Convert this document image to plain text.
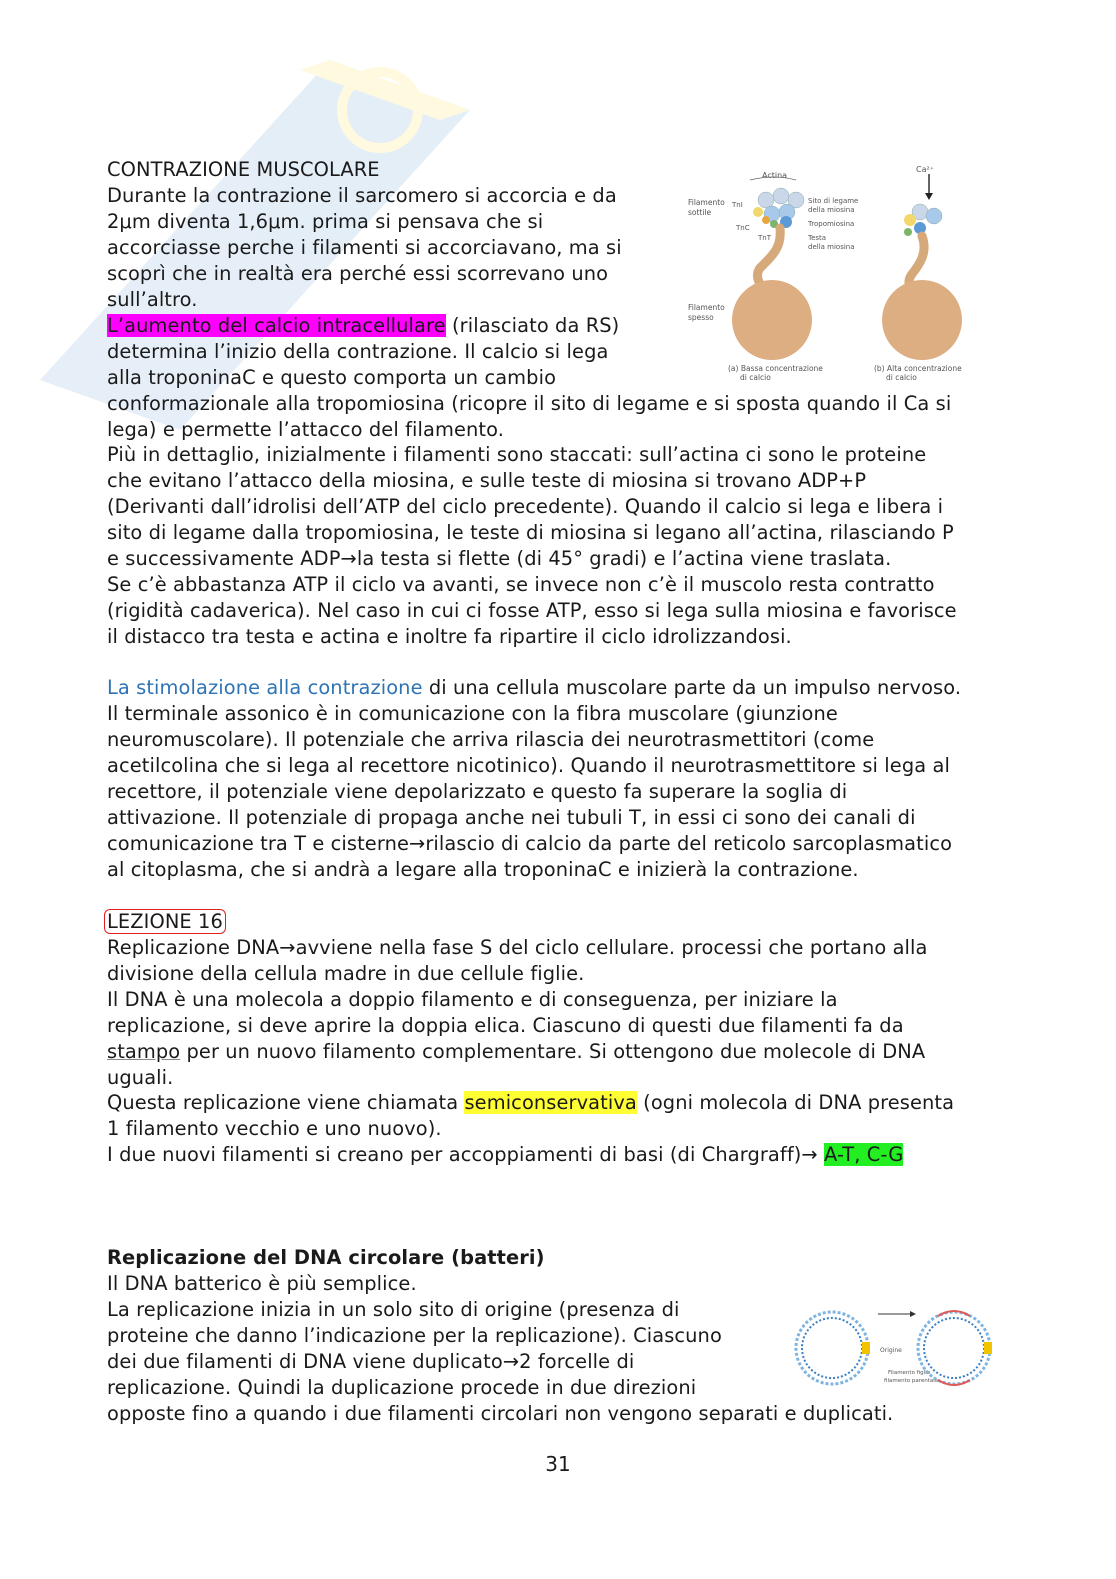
CONTRAZIONE MUSCOLARE
Durante la contrazione il sarcomero si accorcia e da
2μm diventa 1,6μm. prima si pensava che si
accorciasse perche i filamenti si accorciavano, ma si
scoprì che in realtà era perché essi scorrevano uno
sull’altro.
L’aumento del calcio intracellulare (rilasciato da RS)
determina l’inizio della contrazione. Il calcio si lega
alla troponinaC e questo comporta un cambio
conformazionale alla tropomiosina (ricopre il sito di legame e si sposta quando il Ca si
lega) e permette l’attacco del filamento.
Più in dettaglio, inizialmente i filamenti sono staccati: sull’actina ci sono le proteine
che evitano l’attacco della miosina, e sulle teste di miosina si trovano ADP+P
(Derivanti dall’idrolisi dell’ATP del ciclo precedente). Quando il calcio si lega e libera i
sito di legame dalla tropomiosina, le teste di miosina si legano all’actina, rilasciando P
e successivamente ADP→la testa si flette (di 45° gradi) e l’actina viene traslata.
Se c’è abbastanza ATP il ciclo va avanti, se invece non c’è il muscolo resta contratto
(rigidità cadaverica). Nel caso in cui ci fosse ATP, esso si lega sulla miosina e favorisce
il distacco tra testa e actina e inoltre fa ripartire il ciclo idrolizzandosi.
La stimolazione alla contrazione di una cellula muscolare parte da un impulso nervoso.
Il terminale assonico è in comunicazione con la fibra muscolare (giunzione
neuromuscolare). Il potenziale che arriva rilascia dei neurotrasmettitori (come
acetilcolina che si lega al recettore nicotinico). Quando il neurotrasmettitore si lega al
recettore, il potenziale viene depolarizzato e questo fa superare la soglia di
attivazione. Il potenziale di propaga anche nei tubuli T, in essi ci sono dei canali di
comunicazione tra T e cisterne→rilascio di calcio da parte del reticolo sarcoplasmatico
al citoplasma, che si andrà a legare alla troponinaC e inizierà la contrazione.
LEZIONE 16
Replicazione DNA→avviene nella fase S del ciclo cellulare. processi che portano alla
divisione della cellula madre in due cellule figlie.
Il DNA è una molecola a doppio filamento e di conseguenza, per iniziare la
replicazione, si deve aprire la doppia elica. Ciascuno di questi due filamenti fa da
stampo per un nuovo filamento complementare. Si ottengono due molecole di DNA
uguali.
Questa replicazione viene chiamata semiconservativa (ogni molecola di DNA presenta
1 filamento vecchio e uno nuovo).
I due nuovi filamenti si creano per accoppiamenti di basi (di Chargraff)→ A-T, C-G
Replicazione del DNA circolare (batteri)
Il DNA batterico è più semplice.
La replicazione inizia in un solo sito di origine (presenza di
proteine che danno l’indicazione per la replicazione). Ciascuno
dei due filamenti di DNA viene duplicato→2 forcelle di
replicazione. Quindi la duplicazione procede in due direzioni
opposte fino a quando i due filamenti circolari non vengono separati e duplicati.
Actina
Filamento
sottile
TnI
TnC
TnT
Sito di legame
della miosina
Tropomiosina
Testa
della miosina
Filamento
spesso
(a) Bassa concentrazione
di calcio
Ca²⁺
(b) Alta concentrazione
di calcio
Origine
Filamento figlio
filamento parentale
31
